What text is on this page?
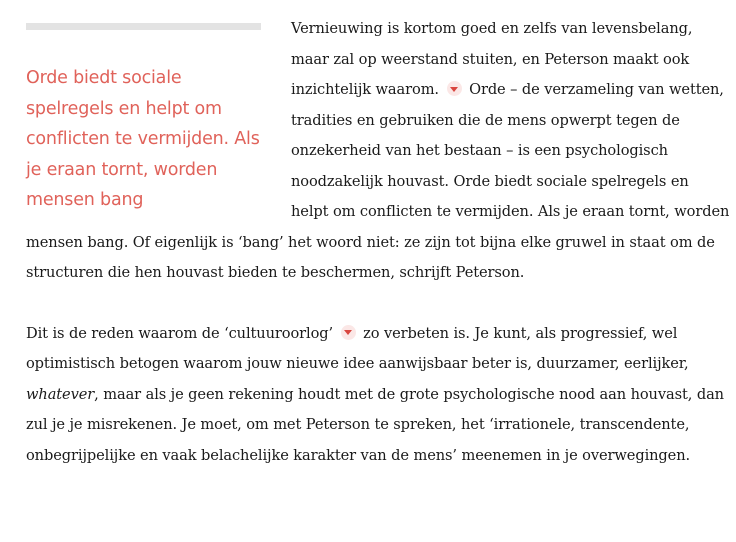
Orde biedt sociale spelregels en helpt om conflicten te vermijden. Als je eraan tornt, worden mensen bang

Vernieuwing is kortom goed en zelfs van levensbelang, maar zal op weerstand stuiten, en Peterson maakt ook inzichtelijk waarom. Orde – de verzameling van wetten, tradities en gebruiken die de mens opwerpt tegen de onzekerheid van het bestaan – is een psychologisch noodzakelijk houvast. Orde biedt sociale spelregels en helpt om conflicten te vermijden. Als je eraan tornt, worden mensen bang. Of eigenlijk is ‘bang’ het woord niet: ze zijn tot bijna elke gruwel in staat om de structuren die hen houvast bieden te beschermen, schrijft Peterson.

Dit is de reden waarom de ‘cultuuroorlog’ zo verbeten is. Je kunt, als progressief, wel optimistisch betogen waarom jouw nieuwe idee aanwijsbaar beter is, duurzamer, eerlijker, whatever, maar als je geen rekening houdt met de grote psychologische nood aan houvast, dan zul je je misrekenen. Je moet, om met Peterson te spreken, het ‘irrationele, transcendente, onbegrijpelijke en vaak belachelijke karakter van de mens’ meenemen in je overwegingen.
